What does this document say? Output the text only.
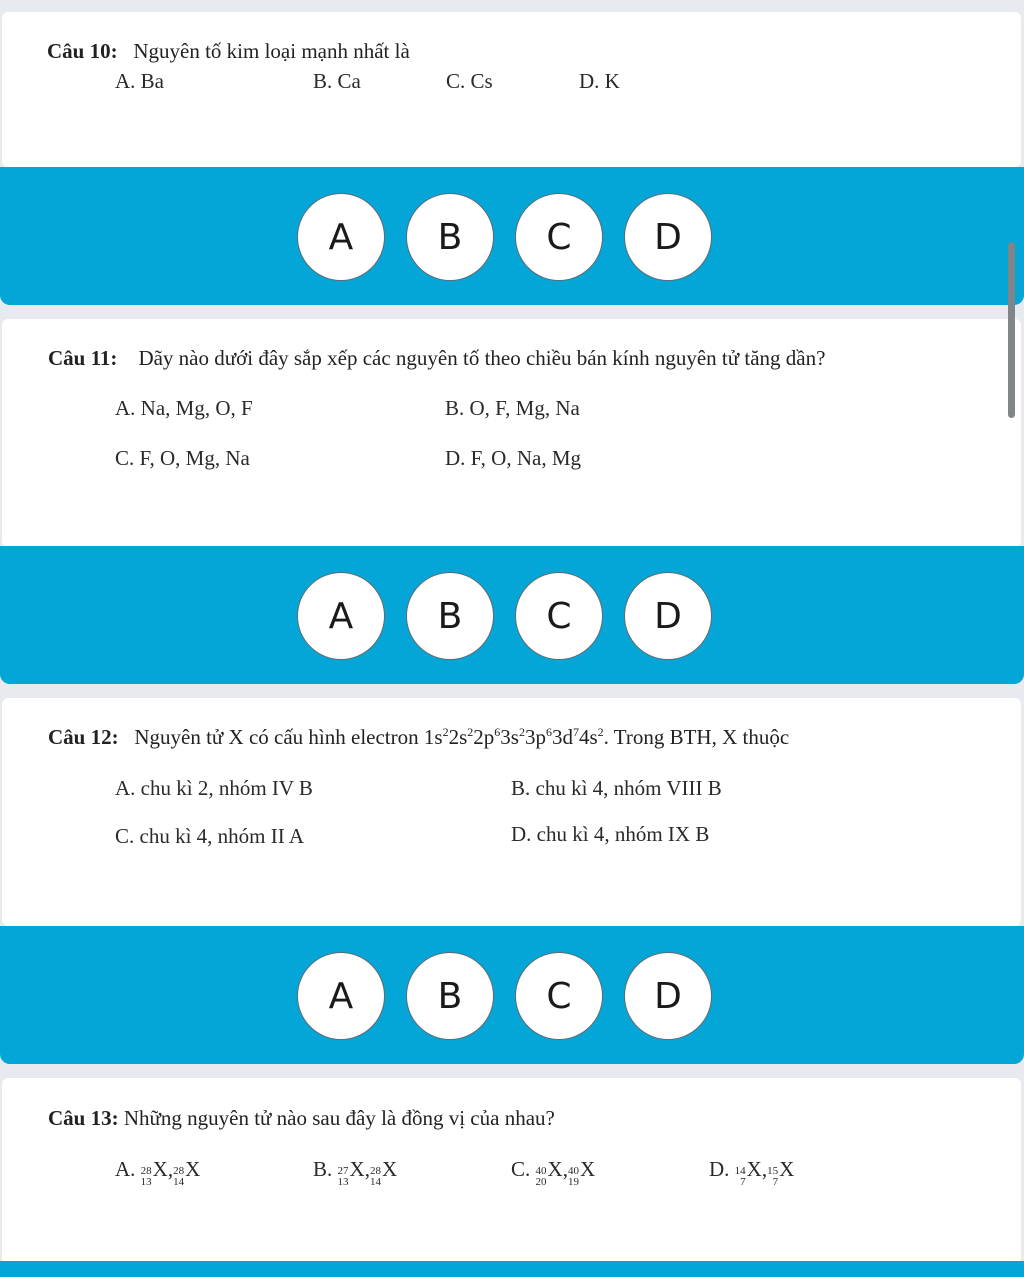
Câu 10: Nguyên tố kim loại mạnh nhất là
A. Ba	B. Ca	C. Cs	D. K
A	B	C	D
Câu 11: Dãy nào dưới đây sắp xếp các nguyên tố theo chiều bán kính nguyên tử tăng dần?
A. Na, Mg, O, F	B. O, F, Mg, Na
C. F, O, Mg, Na	D. F, O, Na, Mg
A	B	C	D
Câu 12: Nguyên tử X có cấu hình electron $1s^22s^22p^63s^23p^63d^74s^2$. Trong BTH, X thuộc
A. chu kì 2, nhóm IV B	B. chu kì 4, nhóm VIII B
C. chu kì 4, nhóm II A	D. chu kì 4, nhóm IX B
A	B	C	D
Câu 13: Những nguyên tử nào sau đây là đồng vị của nhau?
A. 28
13
X , 28
14
X	B. 27
13
X , 28
14
X	C. 40
20
X , 40
19
X	D. 14
7
X , 15
7
X
